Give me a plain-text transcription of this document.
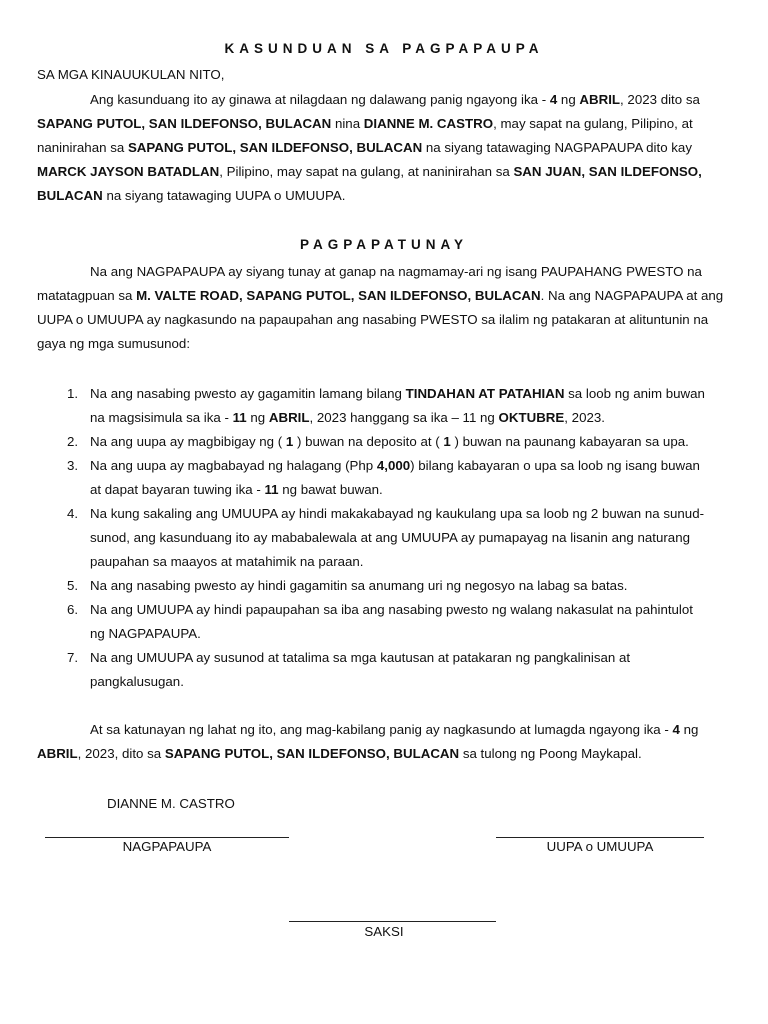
KASUNDUAN SA PAGPAPAUPA
SA MGA KINAUUKULAN NITO,
Ang kasunduang ito ay ginawa at nilagdaan ng dalawang panig ngayong ika - 4 ng ABRIL, 2023 dito sa
SAPANG PUTOL, SAN ILDEFONSO, BULACAN nina DIANNE M. CASTRO, may sapat na gulang, Pilipino, at
naninirahan sa SAPANG PUTOL, SAN ILDEFONSO, BULACAN na siyang tatawaging NAGPAPAUPA dito kay
MARCK JAYSON BATADLAN, Pilipino, may sapat na gulang, at naninirahan sa SAN JUAN, SAN ILDEFONSO,
BULACAN na siyang tatawaging UUPA o UMUUPA.
PAGPAPATUNAY
Na ang NAGPAPAUPA ay siyang tunay at ganap na nagmamay-ari ng isang PAUPAHANG PWESTO na
matatagpuan sa M. VALTE ROAD, SAPANG PUTOL, SAN ILDEFONSO, BULACAN. Na ang NAGPAPAUPA at ang
UUPA o UMUUPA ay nagkasundo na papaupahan ang nasabing PWESTO sa ilalim ng patakaran at alituntunin na
gaya ng mga sumusunod:
1. Na ang nasabing pwesto ay gagamitin lamang bilang TINDAHAN AT PATAHIAN sa loob ng anim buwan
na magsisimula sa ika - 11 ng ABRIL, 2023 hanggang sa ika – 11 ng OKTUBRE, 2023.
2. Na ang uupa ay magbibigay ng ( 1 ) buwan na deposito at ( 1 ) buwan na paunang kabayaran sa upa.
3. Na ang uupa ay magbabayad ng halagang (Php 4,000) bilang kabayaran o upa sa loob ng isang buwan
at dapat bayaran tuwing ika - 11 ng bawat buwan.
4. Na kung sakaling ang UMUUPA ay hindi makakabayad ng kaukulang upa sa loob ng 2 buwan na sunud-
sunod, ang kasunduang ito ay mababalewala at ang UMUUPA ay pumapayag na lisanin ang naturang
paupahan sa maayos at matahimik na paraan.
5. Na ang nasabing pwesto ay hindi gagamitin sa anumang uri ng negosyo na labag sa batas.
6. Na ang UMUUPA ay hindi papaupahan sa iba ang nasabing pwesto ng walang nakasulat na pahintulot
ng NAGPAPAUPA.
7. Na ang UMUUPA ay susunod at tatalima sa mga kautusan at patakaran ng pangkalinisan at
pangkalusugan.
At sa katunayan ng lahat ng ito, ang mag-kabilang panig ay nagkasundo at lumagda ngayong ika - 4 ng
ABRIL, 2023, dito sa SAPANG PUTOL, SAN ILDEFONSO, BULACAN sa tulong ng Poong Maykapal.
DIANNE M. CASTRO
NAGPAPAUPA	UUPA o UMUUPA
SAKSI
